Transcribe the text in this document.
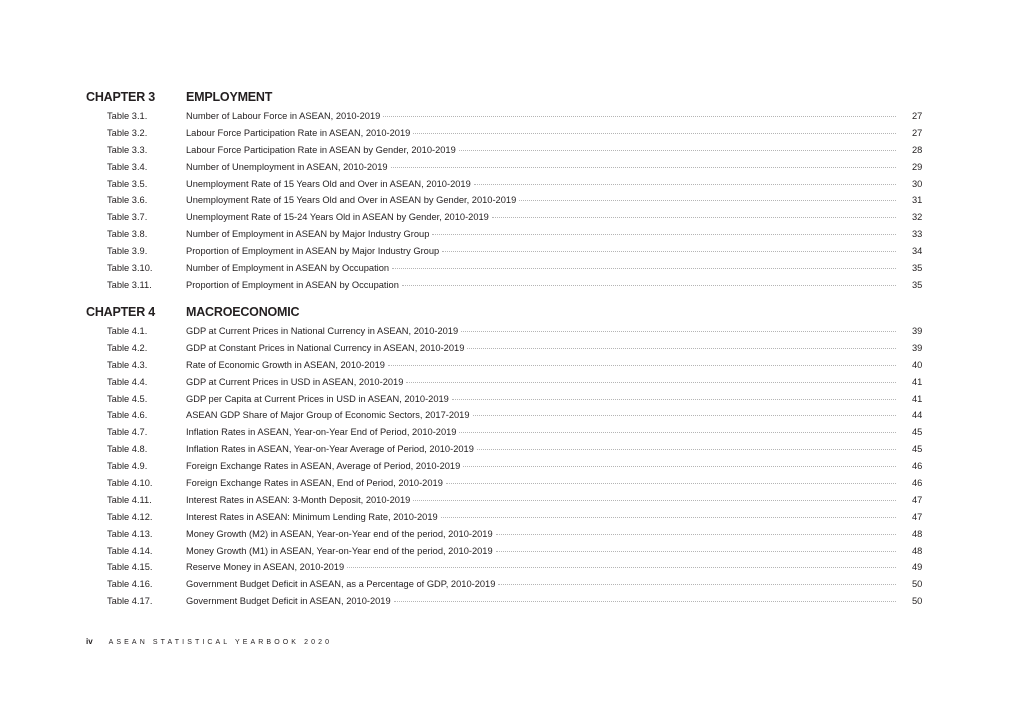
CHAPTER 3 EMPLOYMENT
Table 3.1.	Number of Labour Force in ASEAN, 2010-2019	27
Table 3.2.	Labour Force Participation Rate in ASEAN, 2010-2019	27
Table 3.3.	Labour Force Participation Rate in ASEAN by Gender, 2010-2019	28
Table 3.4.	Number of Unemployment in ASEAN, 2010-2019	29
Table 3.5.	Unemployment Rate of 15 Years Old and Over in ASEAN, 2010-2019	30
Table 3.6.	Unemployment Rate of 15 Years Old and Over in ASEAN by Gender, 2010-2019	31
Table 3.7.	Unemployment Rate of 15-24 Years Old in ASEAN by Gender, 2010-2019	32
Table 3.8.	Number of Employment in ASEAN by Major Industry Group	33
Table 3.9.	Proportion of Employment in ASEAN by Major Industry Group	34
Table 3.10.	Number of Employment in ASEAN by Occupation	35
Table 3.11.	Proportion of Employment in ASEAN by Occupation	35
CHAPTER 4 MACROECONOMIC
Table 4.1.	GDP at Current Prices in National Currency in ASEAN, 2010-2019	39
Table 4.2.	GDP at Constant Prices in National Currency in ASEAN, 2010-2019	39
Table 4.3.	Rate of Economic Growth in ASEAN, 2010-2019	40
Table 4.4.	GDP at Current Prices in USD in ASEAN, 2010-2019	41
Table 4.5.	GDP per Capita at Current Prices in USD in ASEAN, 2010-2019	41
Table 4.6.	ASEAN GDP Share of Major Group of Economic Sectors, 2017-2019	44
Table 4.7.	Inflation Rates in ASEAN, Year-on-Year End of Period, 2010-2019	45
Table 4.8.	Inflation Rates in ASEAN, Year-on-Year Average of Period, 2010-2019	45
Table 4.9.	Foreign Exchange Rates in ASEAN, Average of Period, 2010-2019	46
Table 4.10.	Foreign Exchange Rates in ASEAN, End of Period, 2010-2019	46
Table 4.11.	Interest Rates in ASEAN: 3-Month Deposit, 2010-2019	47
Table 4.12.	Interest Rates in ASEAN: Minimum Lending Rate, 2010-2019	47
Table 4.13.	Money Growth (M2) in ASEAN, Year-on-Year end of the period, 2010-2019	48
Table 4.14.	Money Growth (M1) in ASEAN, Year-on-Year end of the period, 2010-2019	48
Table 4.15.	Reserve Money in ASEAN, 2010-2019	49
Table 4.16.	Government Budget Deficit in ASEAN, as a Percentage of GDP, 2010-2019	50
Table 4.17.	Government Budget Deficit in ASEAN, 2010-2019	50
iv ASEAN STATISTICAL YEARBOOK 2020
